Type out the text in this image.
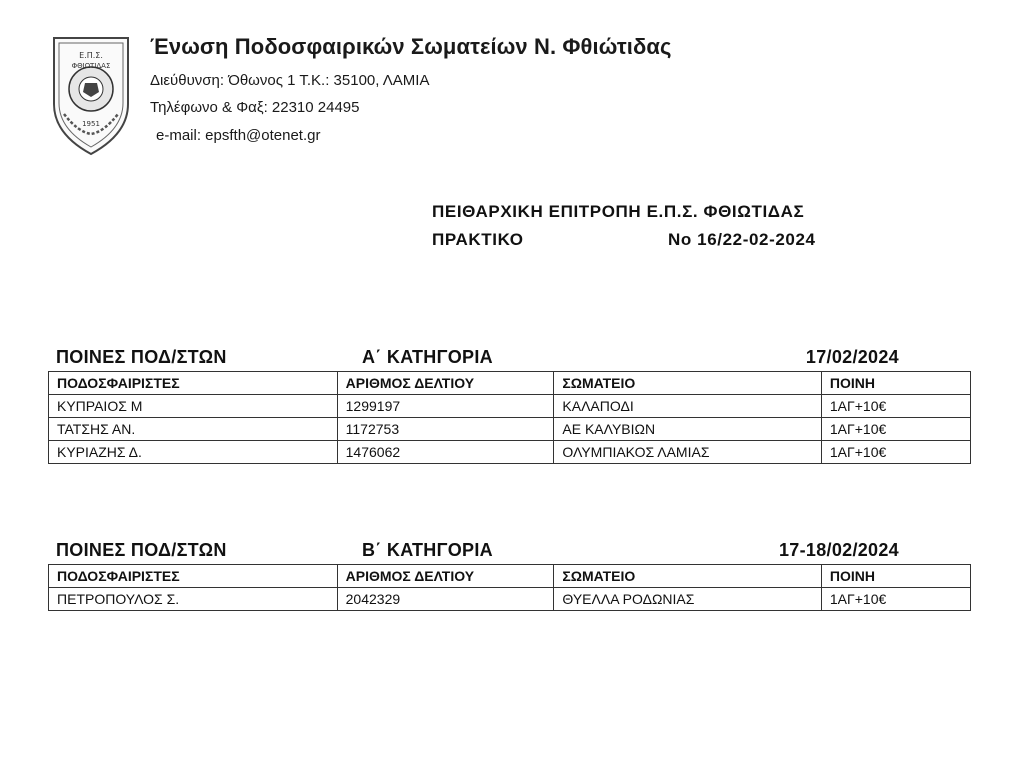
Ε.Π.Σ.
ΦΘΙΩΤΙΔΑΣ
1951
Ένωση Ποδοσφαιρικών Σωματείων Ν. Φθιώτιδας
Διεύθυνση: Όθωνος 1 Τ.Κ.: 35100, ΛΑΜΙΑ
Τηλέφωνο & Φαξ: 22310 24495
e-mail: epsfth@otenet.gr
ΠΕΙΘΑΡΧΙΚΗ ΕΠΙΤΡΟΠΗ Ε.Π.Σ. ΦΘΙΩΤΙΔΑΣ
ΠΡΑΚΤΙΚΟ	Νο 16/22-02-2024
ΠΟΙΝΕΣ ΠΟΔ/ΣΤΩΝ	Α΄ ΚΑΤΗΓΟΡΙΑ	17/02/2024
ΠΟΔΟΣΦΑΙΡΙΣΤΕΣ	ΑΡΙΘΜΟΣ ΔΕΛΤΙΟΥ	ΣΩΜΑΤΕΙΟ	ΠΟΙΝΗ
ΚΥΠΡΑΙΟΣ Μ	1299197	ΚΑΛΑΠΟΔΙ	1ΑΓ+10€
ΤΑΤΣΗΣ ΑΝ.	1172753	ΑΕ ΚΑΛΥΒΙΩΝ	1ΑΓ+10€
ΚΥΡΙΑΖΗΣ Δ.	1476062	ΟΛΥΜΠΙΑΚΟΣ ΛΑΜΙΑΣ	1ΑΓ+10€
ΠΟΙΝΕΣ ΠΟΔ/ΣΤΩΝ	Β΄ ΚΑΤΗΓΟΡΙΑ	17-18/02/2024
ΠΟΔΟΣΦΑΙΡΙΣΤΕΣ	ΑΡΙΘΜΟΣ ΔΕΛΤΙΟΥ	ΣΩΜΑΤΕΙΟ	ΠΟΙΝΗ
ΠΕΤΡΟΠΟΥΛΟΣ Σ.	2042329	ΘΥΕΛΛΑ ΡΟΔΩΝΙΑΣ	1ΑΓ+10€
